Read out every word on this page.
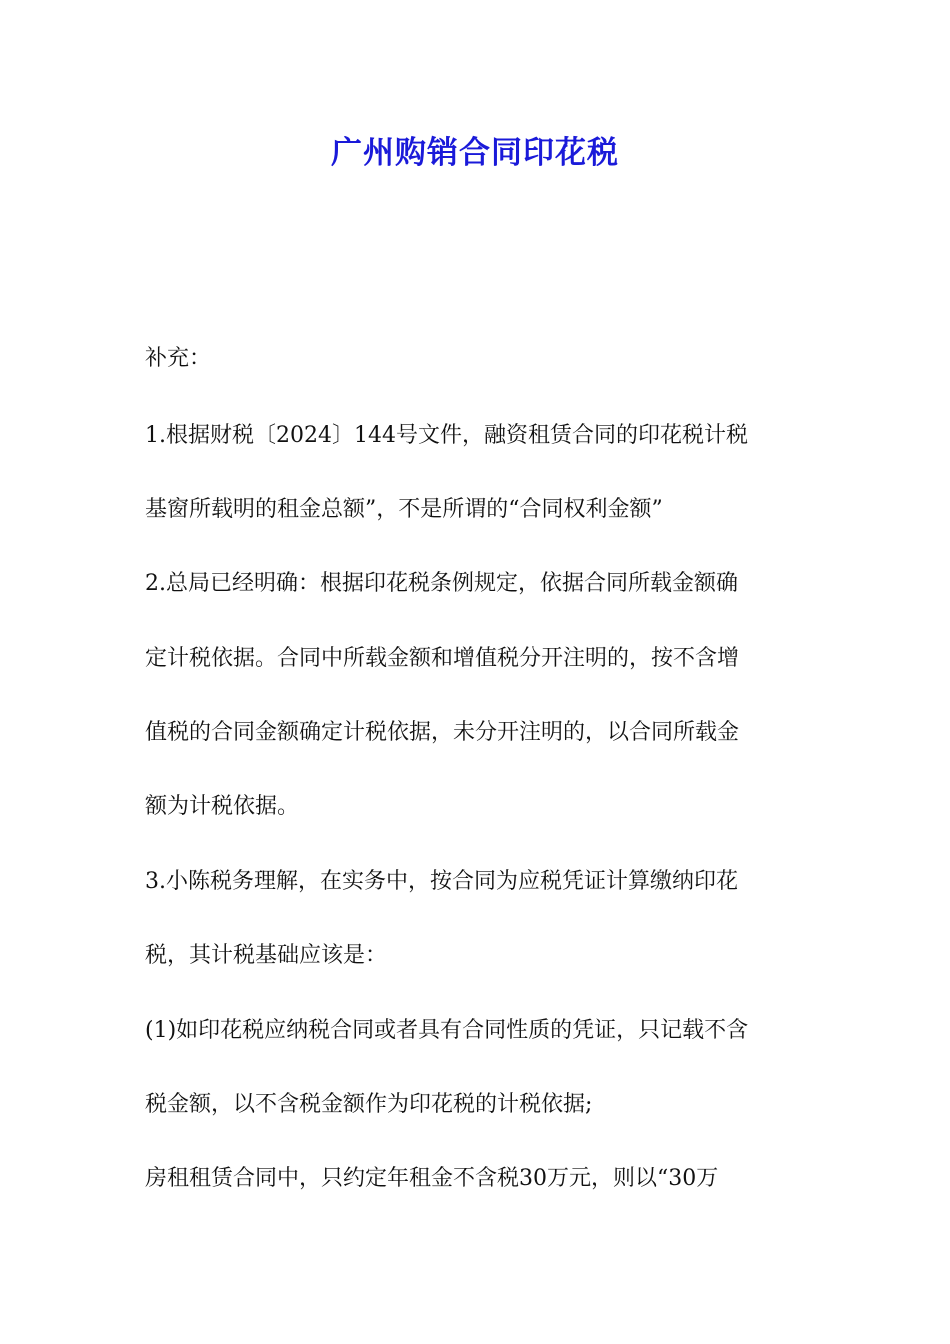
广州购销合同印花税

补充：

1.根据财税〔2024〕144号文件，融资租赁合同的印花税计税

基窗所载明的租金总额”，不是所谓的“合同权利金额”

2.总局已经明确：根据印花税条例规定，依据合同所载金额确

定计税依据。合同中所载金额和增值税分开注明的，按不含增

值税的合同金额确定计税依据，未分开注明的，以合同所载金

额为计税依据。

3.小陈税务理解，在实务中，按合同为应税凭证计算缴纳印花

税，其计税基础应该是：

(1)如印花税应纳税合同或者具有合同性质的凭证，只记载不含

税金额，以不含税金额作为印花税的计税依据;

房租租赁合同中，只约定年租金不含税30万元，则以“30万
